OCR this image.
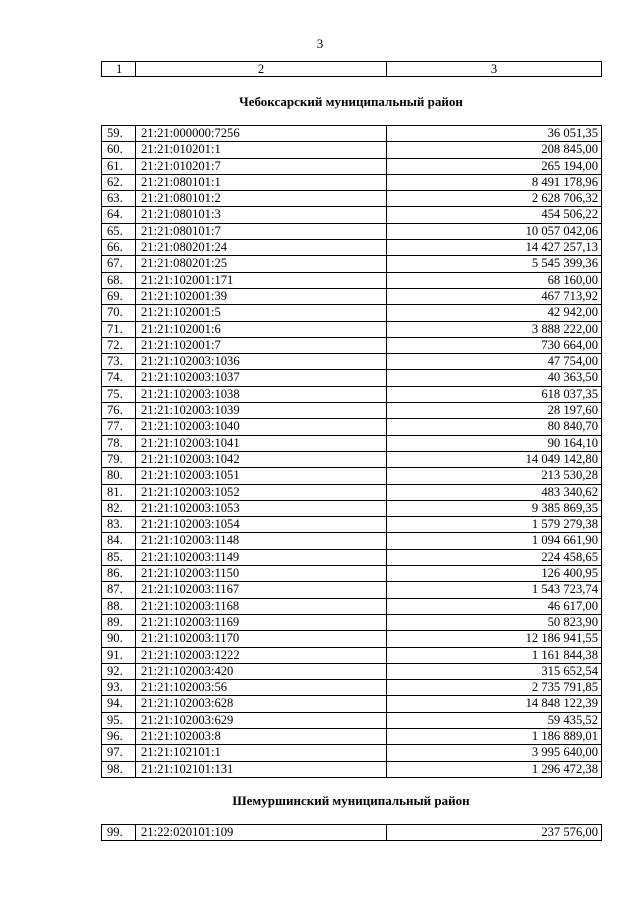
3
1	2	3
Чебоксарский муниципальный район
59.	21:21:000000:7256	36 051,35
60.	21:21:010201:1	208 845,00
61.	21:21:010201:7	265 194,00
62.	21:21:080101:1	8 491 178,96
63.	21:21:080101:2	2 628 706,32
64.	21:21:080101:3	454 506,22
65.	21:21:080101:7	10 057 042,06
66.	21:21:080201:24	14 427 257,13
67.	21:21:080201:25	5 545 399,36
68.	21:21:102001:171	68 160,00
69.	21:21:102001:39	467 713,92
70.	21:21:102001:5	42 942,00
71.	21:21:102001:6	3 888 222,00
72.	21:21:102001:7	730 664,00
73.	21:21:102003:1036	47 754,00
74.	21:21:102003:1037	40 363,50
75.	21:21:102003:1038	618 037,35
76.	21:21:102003:1039	28 197,60
77.	21:21:102003:1040	80 840,70
78.	21:21:102003:1041	90 164,10
79.	21:21:102003:1042	14 049 142,80
80.	21:21:102003:1051	213 530,28
81.	21:21:102003:1052	483 340,62
82.	21:21:102003:1053	9 385 869,35
83.	21:21:102003:1054	1 579 279,38
84.	21:21:102003:1148	1 094 661,90
85.	21:21:102003:1149	224 458,65
86.	21:21:102003:1150	126 400,95
87.	21:21:102003:1167	1 543 723,74
88.	21:21:102003:1168	46 617,00
89.	21:21:102003:1169	50 823,90
90.	21:21:102003:1170	12 186 941,55
91.	21:21:102003:1222	1 161 844,38
92.	21:21:102003:420	315 652,54
93.	21:21:102003:56	2 735 791,85
94.	21:21:102003:628	14 848 122,39
95.	21:21:102003:629	59 435,52
96.	21:21:102003:8	1 186 889,01
97.	21:21:102101:1	3 995 640,00
98.	21:21:102101:131	1 296 472,38
Шемуршинский муниципальный район
99.	21:22:020101:109	237 576,00
